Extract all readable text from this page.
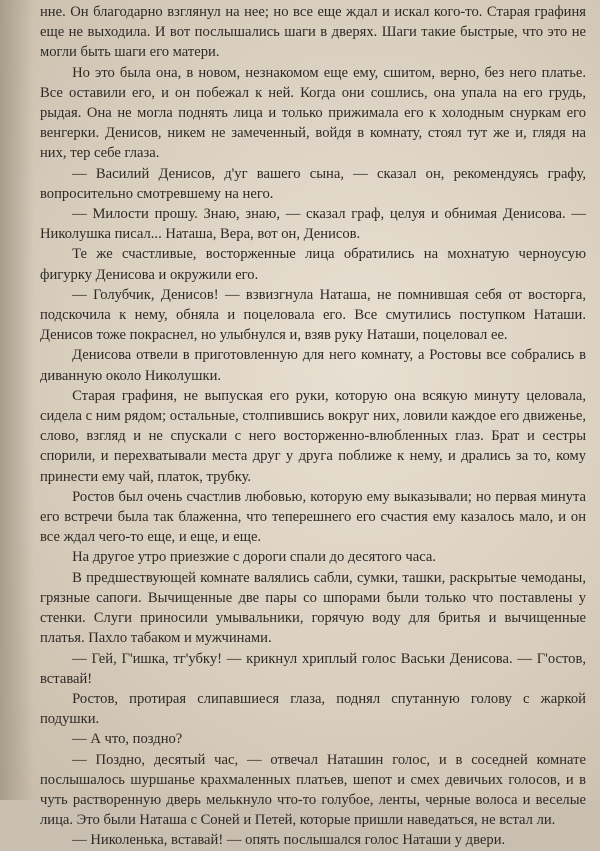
нне. Он благодарно взглянул на нее; но все еще ждал и искал кого-то. Старая графиня еще не выходила. И вот послышались шаги в дверях. Шаги такие быстрые, что это не могли быть шаги его матери.

Но это была она, в новом, незнакомом еще ему, сшитом, верно, без него платье. Все оставили его, и он побежал к ней. Когда они сошлись, она упала на его грудь, рыдая. Она не могла поднять лица и только прижимала его к холодным снуркам его венгерки. Денисов, никем не замеченный, войдя в комнату, стоял тут же и, глядя на них, тер себе глаза.

— Василий Денисов, д'yг вашего сына, — сказал он, рекомендуясь графу, вопросительно смотревшему на него.

— Милости прошу. Знаю, знаю, — сказал граф, целуя и обнимая Денисова. — Николушка писал... Наташа, Вера, вот он, Денисов.

Те же счастливые, восторженные лица обратились на мохнатую черноусую фигурку Денисова и окружили его.

— Голубчик, Денисов! — взвизгнула Наташа, не помнившая себя от восторга, подскочила к нему, обняла и поцеловала его. Все смутились поступком Наташи. Денисов тоже покраснел, но улыбнулся и, взяв руку Наташи, поцеловал ее.

Денисова отвели в приготовленную для него комнату, а Ростовы все собрались в диванную около Николушки.

Старая графиня, не выпуская его руки, которую она всякую минуту целовала, сидела с ним рядом; остальные, столпившись вокруг них, ловили каждое его движенье, слово, взгляд и не спускали с него восторженно-влюбленных глаз. Брат и сестры спорили, и перехватывали места друг у друга поближе к нему, и дрались за то, кому принести ему чай, платок, трубку.

Ростов был очень счастлив любовью, которую ему выказывали; но первая минута его встречи была так блаженна, что теперешнего его счастия ему казалось мало, и он все ждал чего-то еще, и еще, и еще.

На другое утро приезжие с дороги спали до десятого часа.

В предшествующей комнате валялись сабли, сумки, ташки, раскрытые чемоданы, грязные сапоги. Вычищенные две пары со шпорами были только что поставлены у стенки. Слуги приносили умывальники, горячую воду для бритья и вычищенные платья. Пахло табаком и мужчинами.

— Гей, Г'ишка, тг'убку! — крикнул хриплый голос Васьки Денисова. — Г'остов, вставай!

Ростов, протирая слипавшиеся глаза, поднял спутанную голову с жаркой подушки.

— А что, поздно?

— Поздно, десятый час, — отвечал Наташин голос, и в соседней комнате послышалось шуршанье крахмаленных платьев, шепот и смех девичьих голосов, и в чуть растворенную дверь мелькнуло что-то голубое, ленты, черные волоса и веселые лица. Это были Наташа с Соней и Петей, которые пришли наведаться, не встал ли.

— Николенька, вставай! — опять послышался голос Наташи у двери.
